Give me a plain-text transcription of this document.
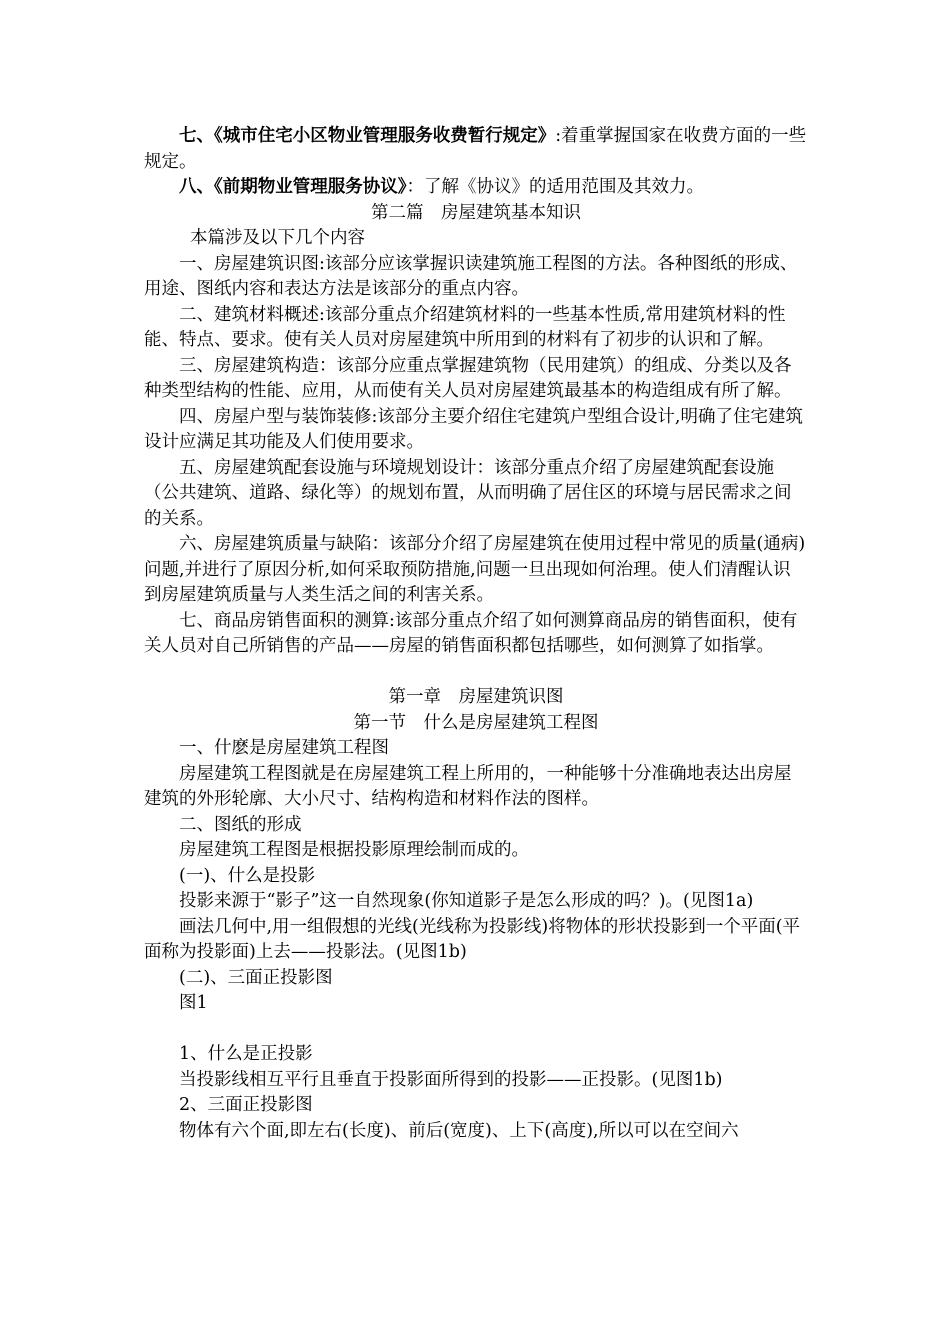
七、《城市住宅小区物业管理服务收费暂行规定》:着重掌握国家在收费方面的一些规定。

八、《前期物业管理服务协议》：了解《协议》的适用范围及其效力。

第二篇　房屋建筑基本知识

本篇涉及以下几个内容

一、房屋建筑识图:该部分应该掌握识读建筑施工程图的方法。各种图纸的形成、用途、图纸内容和表达方法是该部分的重点内容。

二、建筑材料概述:该部分重点介绍建筑材料的一些基本性质,常用建筑材料的性能、特点、要求。使有关人员对房屋建筑中所用到的材料有了初步的认识和了解。

三、房屋建筑构造：该部分应重点掌握建筑物（民用建筑）的组成、分类以及各种类型结构的性能、应用，从而使有关人员对房屋建筑最基本的构造组成有所了解。

四、房屋户型与装饰装修:该部分主要介绍住宅建筑户型组合设计,明确了住宅建筑设计应满足其功能及人们使用要求。

五、房屋建筑配套设施与环境规划设计：该部分重点介绍了房屋建筑配套设施（公共建筑、道路、绿化等）的规划布置，从而明确了居住区的环境与居民需求之间的关系。

六、房屋建筑质量与缺陷：该部分介绍了房屋建筑在使用过程中常见的质量(通病)问题,并进行了原因分析,如何采取预防措施,问题一旦出现如何治理。使人们清醒认识到房屋建筑质量与人类生活之间的利害关系。

七、商品房销售面积的测算:该部分重点介绍了如何测算商品房的销售面积，使有关人员对自己所销售的产品——房屋的销售面积都包括哪些，如何测算了如指掌。

第一章　房屋建筑识图

第一节　什么是房屋建筑工程图

一、什麽是房屋建筑工程图

房屋建筑工程图就是在房屋建筑工程上所用的，一种能够十分准确地表达出房屋建筑的外形轮廓、大小尺寸、结构构造和材料作法的图样。

二、图纸的形成

房屋建筑工程图是根据投影原理绘制而成的。

(一)、什么是投影

投影来源于“影子”这一自然现象(你知道影子是怎么形成的吗？)。(见图1a)

画法几何中,用一组假想的光线(光线称为投影线)将物体的形状投影到一个平面(平面称为投影面)上去——投影法。(见图1b)

(二)、三面正投影图

图1

1、什么是正投影

当投影线相互平行且垂直于投影面所得到的投影——正投影。(见图1b)

2、三面正投影图

物体有六个面,即左右(长度)、前后(宽度)、上下(高度),所以可以在空间六
